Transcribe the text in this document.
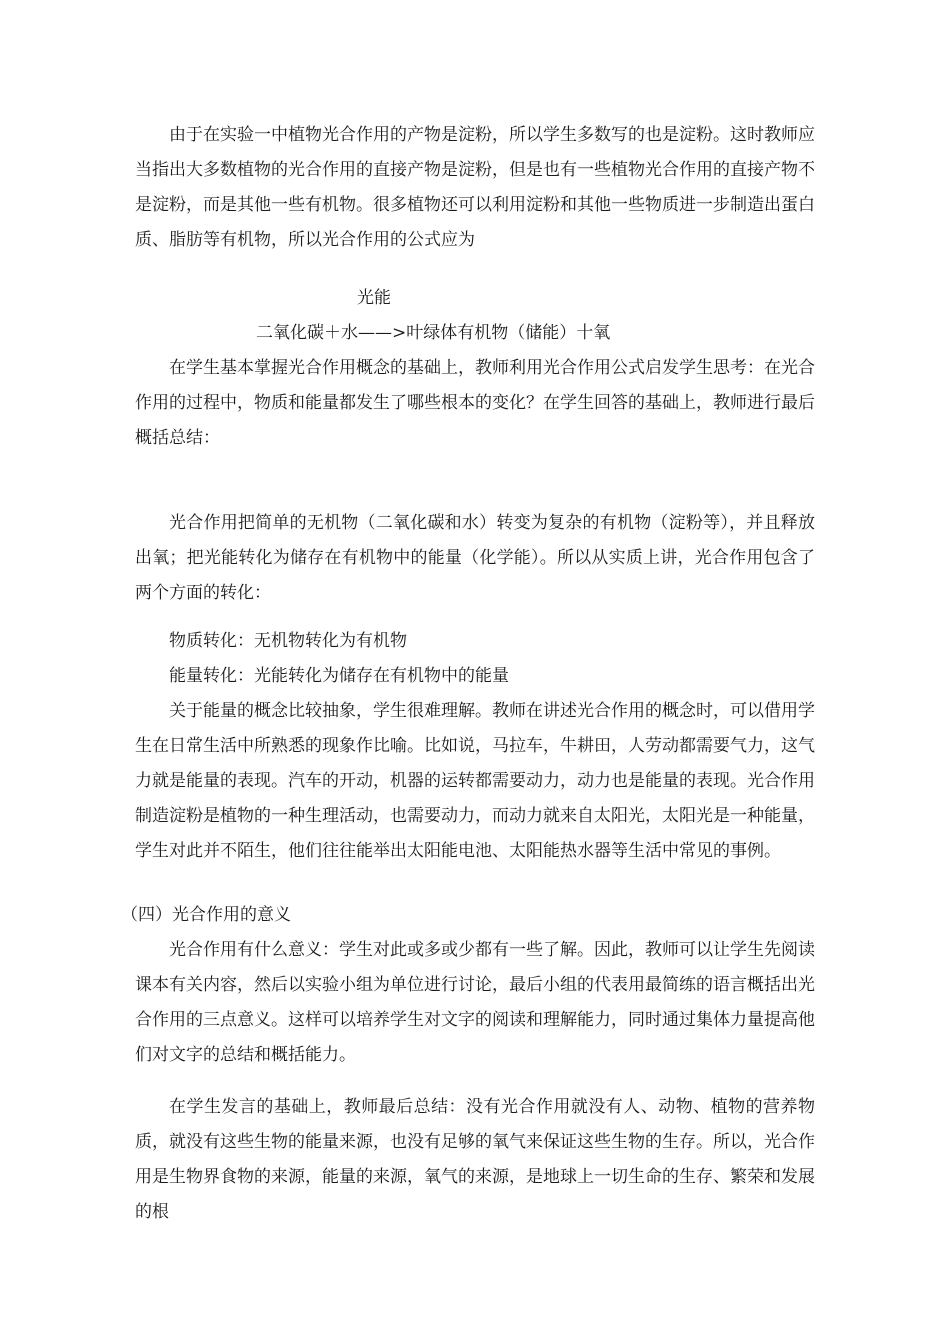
由于在实验一中植物光合作用的产物是淀粉，所以学生多数写的也是淀粉。这时教师应当指出大多数植物的光合作用的直接产物是淀粉，但是也有一些植物光合作用的直接产物不是淀粉，而是其他一些有机物。很多植物还可以利用淀粉和其他一些物质进一步制造出蛋白质、脂肪等有机物，所以光合作用的公式应为
光能
二氧化碳＋水——>叶绿体有机物（储能）十氧
在学生基本掌握光合作用概念的基础上，教师利用光合作用公式启发学生思考：在光合作用的过程中，物质和能量都发生了哪些根本的变化？在学生回答的基础上，教师进行最后概括总结：
光合作用把简单的无机物（二氧化碳和水）转变为复杂的有机物（淀粉等），并且释放出氧；把光能转化为储存在有机物中的能量（化学能）。所以从实质上讲，光合作用包含了两个方面的转化：
物质转化：无机物转化为有机物
能量转化：光能转化为储存在有机物中的能量
关于能量的概念比较抽象，学生很难理解。教师在讲述光合作用的概念时，可以借用学生在日常生活中所熟悉的现象作比喻。比如说，马拉车，牛耕田，人劳动都需要气力，这气力就是能量的表现。汽车的开动，机器的运转都需要动力，动力也是能量的表现。光合作用制造淀粉是植物的一种生理活动，也需要动力，而动力就来自太阳光，太阳光是一种能量，学生对此并不陌生，他们往往能举出太阳能电池、太阳能热水器等生活中常见的事例。
（四）光合作用的意义
光合作用有什么意义：学生对此或多或少都有一些了解。因此，教师可以让学生先阅读课本有关内容，然后以实验小组为单位进行讨论，最后小组的代表用最简练的语言概括出光合作用的三点意义。这样可以培养学生对文字的阅读和理解能力，同时通过集体力量提高他们对文字的总结和概括能力。
在学生发言的基础上，教师最后总结：没有光合作用就没有人、动物、植物的营养物质，就没有这些生物的能量来源，也没有足够的氧气来保证这些生物的生存。所以，光合作用是生物界食物的来源，能量的来源，氧气的来源，是地球上一切生命的生存、繁荣和发展的根
